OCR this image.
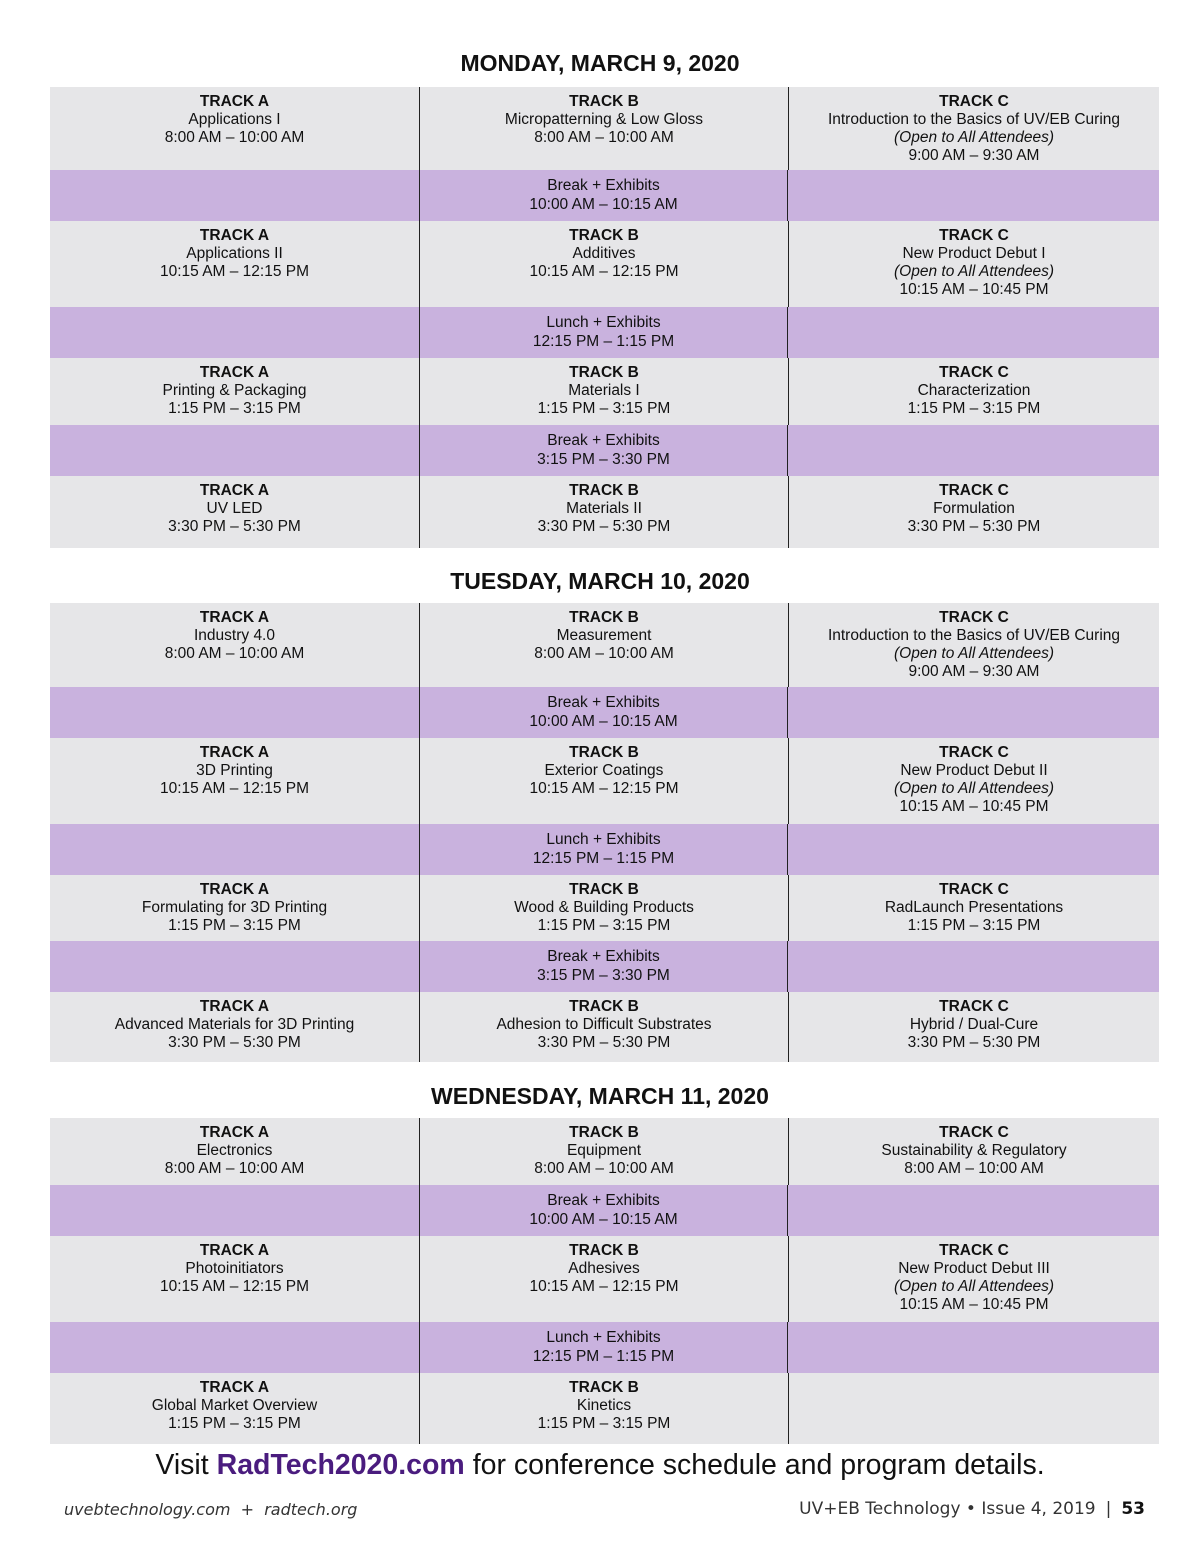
MONDAY, MARCH 9, 2020
TRACK A
Applications I
8:00 AM – 10:00 AM
TRACK B
Micropatterning & Low Gloss
8:00 AM – 10:00 AM
TRACK C
Introduction to the Basics of UV/EB Curing
(Open to All Attendees)
9:00 AM – 9:30 AM
Break + Exhibits
10:00 AM – 10:15 AM
TRACK A
Applications II
10:15 AM – 12:15 PM
TRACK B
Additives
10:15 AM – 12:15 PM
TRACK C
New Product Debut I
(Open to All Attendees)
10:15 AM – 10:45 PM
Lunch + Exhibits
12:15 PM – 1:15 PM
TRACK A
Printing & Packaging
1:15 PM – 3:15 PM
TRACK B
Materials I
1:15 PM – 3:15 PM
TRACK C
Characterization
1:15 PM – 3:15 PM
Break + Exhibits
3:15 PM – 3:30 PM
TRACK A
UV LED
3:30 PM – 5:30 PM
TRACK B
Materials II
3:30 PM – 5:30 PM
TRACK C
Formulation
3:30 PM – 5:30 PM
TUESDAY, MARCH 10, 2020
TRACK A
Industry 4.0
8:00 AM – 10:00 AM
TRACK B
Measurement
8:00 AM – 10:00 AM
TRACK C
Introduction to the Basics of UV/EB Curing
(Open to All Attendees)
9:00 AM – 9:30 AM
Break + Exhibits
10:00 AM – 10:15 AM
TRACK A
3D Printing
10:15 AM – 12:15 PM
TRACK B
Exterior Coatings
10:15 AM – 12:15 PM
TRACK C
New Product Debut II
(Open to All Attendees)
10:15 AM – 10:45 PM
Lunch + Exhibits
12:15 PM – 1:15 PM
TRACK A
Formulating for 3D Printing
1:15 PM – 3:15 PM
TRACK B
Wood & Building Products
1:15 PM – 3:15 PM
TRACK C
RadLaunch Presentations
1:15 PM – 3:15 PM
Break + Exhibits
3:15 PM – 3:30 PM
TRACK A
Advanced Materials for 3D Printing
3:30 PM – 5:30 PM
TRACK B
Adhesion to Difficult Substrates
3:30 PM – 5:30 PM
TRACK C
Hybrid / Dual-Cure
3:30 PM – 5:30 PM
WEDNESDAY, MARCH 11, 2020
TRACK A
Electronics
8:00 AM – 10:00 AM
TRACK B
Equipment
8:00 AM – 10:00 AM
TRACK C
Sustainability & Regulatory
8:00 AM – 10:00 AM
Break + Exhibits
10:00 AM – 10:15 AM
TRACK A
Photoinitiators
10:15 AM – 12:15 PM
TRACK B
Adhesives
10:15 AM – 12:15 PM
TRACK C
New Product Debut III
(Open to All Attendees)
10:15 AM – 10:45 PM
Lunch + Exhibits
12:15 PM – 1:15 PM
TRACK A
Global Market Overview
1:15 PM – 3:15 PM
TRACK B
Kinetics
1:15 PM – 3:15 PM
Visit RadTech2020.com for conference schedule and program details.
uvebtechnology.com  +  radtech.org	UV+EB Technology • Issue 4, 2019 | 53
